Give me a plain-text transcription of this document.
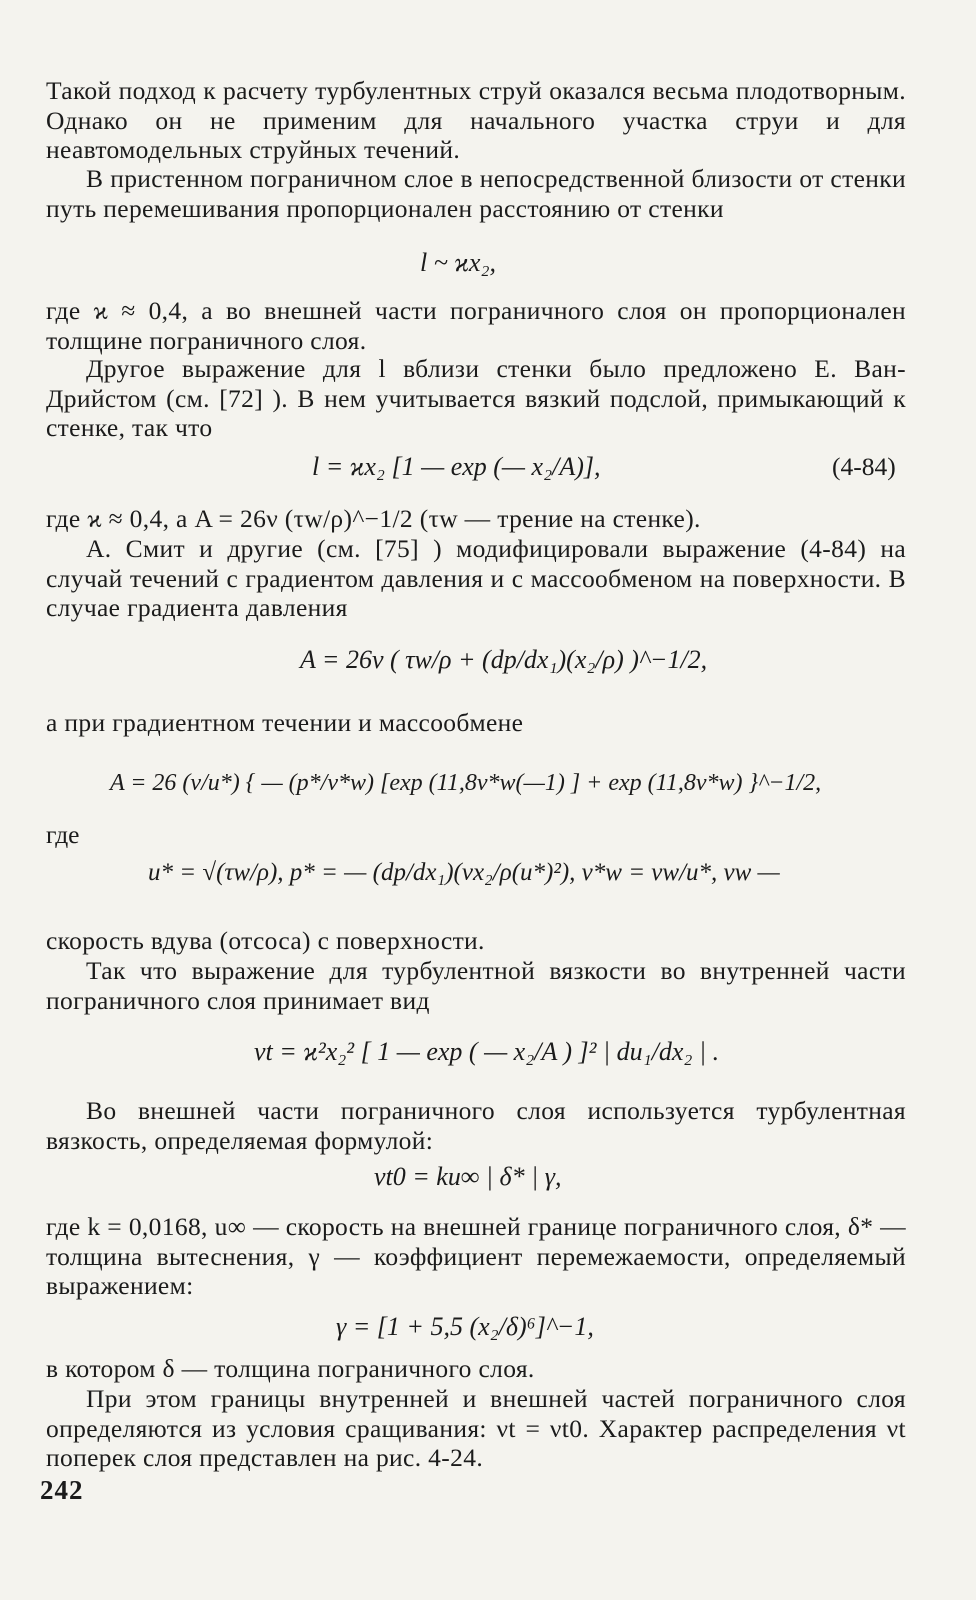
Такой подход к расчету турбулентных струй оказался весьма плодотворным. Однако он не применим для начального участка струи и для неавтомодельных струйных течений.

В пристенном пограничном слое в непосредственной близости от стенки путь перемешивания пропорционален расстоянию от стенки

l ~ ϰx₂,

где ϰ ≈ 0,4, а во внешней части пограничного слоя он пропорционален толщине пограничного слоя.

Другое выражение для l вблизи стенки было предложено Е. Ван-Дрийстом (см. [72] ). В нем учитывается вязкий подслой, примыкающий к стенке, так что

l = ϰx₂ [1 — exp (— x₂/A)],	(4-84)

где ϰ ≈ 0,4, а A = 26ν (τw/ρ)^−1/2 (τw — трение на стенке).

А. Смит и другие (см. [75] ) модифицировали выражение (4-84) на случай течений с градиентом давления и с массообменом на поверхности. В случае градиента давления

A = 26ν ( τw/ρ + (dp/dx₁)(x₂/ρ) )^−1/2,

а при градиентном течении и массообмене

A = 26 (ν/u*) { — (p*/v*w) [exp (11,8v*w(—1) ] + exp (11,8v*w) }^−1/2,
где
u* = √(τw/ρ), p* = — (dp/dx₁)(νx₂/ρ(u*)²), v*w = vw/u*, vw —

скорость вдува (отсоса) с поверхности.

Так что выражение для турбулентной вязкости во внутренней части пограничного слоя принимает вид

νt = ϰ²x₂² [ 1 — exp ( — x₂/A ) ]² | du₁/dx₂ | .

Во внешней части пограничного слоя используется турбулентная вязкость, определяемая формулой:

νt0 = ku∞ | δ* | γ,

где k = 0,0168, u∞ — скорость на внешней границе пограничного слоя, δ* — толщина вытеснения, γ — коэффициент перемежаемости, определяемый выражением:

γ = [1 + 5,5 (x₂/δ)⁶]^−1,

в котором δ — толщина пограничного слоя.

При этом границы внутренней и внешней частей пограничного слоя определяются из условия сращивания: νt = νt0. Характер распределения νt поперек слоя представлен на рис. 4-24.

242
